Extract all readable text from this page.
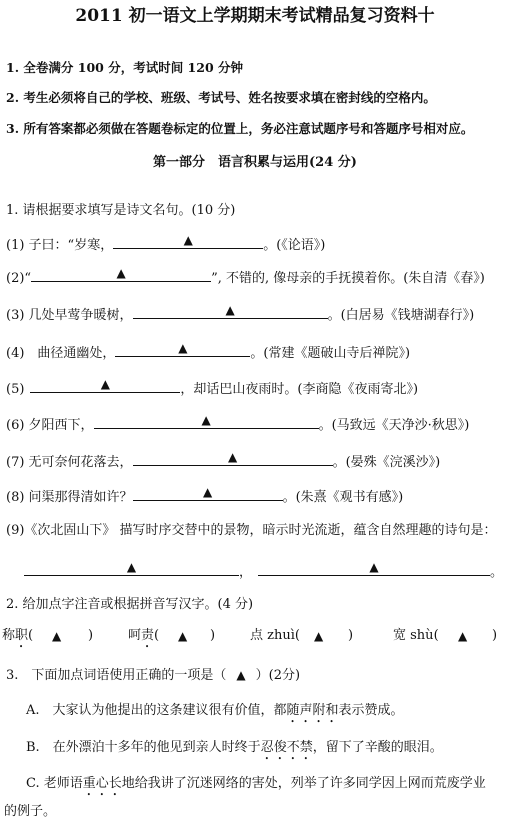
2011 初一语文上学期期末考试精品复习资料十
1. 全卷满分 100 分，考试时间 120 分钟
2. 考生必须将自己的学校、班级、考试号、姓名按要求填在密封线的空格内。
3. 所有答案都必须做在答题卷标定的位置上，务必注意试题序号和答题序号相对应。
第一部分　语言积累与运用(24 分)
1. 请根据要求填写是诗文名句。(10 分)
(1) 子曰：“岁寒，	▲	。(《论语》)
(2)“	▲	”, 不错的, 像母亲的手抚摸着你。(朱自清《春》)
(3) 几处早莺争暖树，	▲	。(白居易《钱塘湖春行》)
(4)　曲径通幽处，	▲	。(常建《题破山寺后禅院》)
(5)	▲	，却话巴山夜雨时。(李商隐《夜雨寄北》)
(6) 夕阳西下，	▲	。(马致远《天净沙·秋思》)
(7) 无可奈何花落去，	▲	。(晏殊《浣溪沙》)
(8) 问渠那得清如许？	▲	。(朱熹《观书有感》)
(9)《次北固山下》 描写时序交替中的景物，暗示时光流逝，蕴含自然理趣的诗句是：
▲	，	▲	。
2. 给加点字注音或根据拼音写汉字。(4 分)
称职( ▲ )	呵责( ▲ )	点 zhuì( ▲ )	宽 shù( ▲ )
3.　下面加点词语使用正确的一项是（ ▲ ）(2分)
A.　大家认为他提出的这条建议很有价值，都随声附和表示赞成。
B.　在外漂泊十多年的他见到亲人时终于忍俊不禁，留下了辛酸的眼泪。
C. 老师语重心长地给我讲了沉迷网络的害处，列举了许多同学因上网而荒废学业
的例子。
